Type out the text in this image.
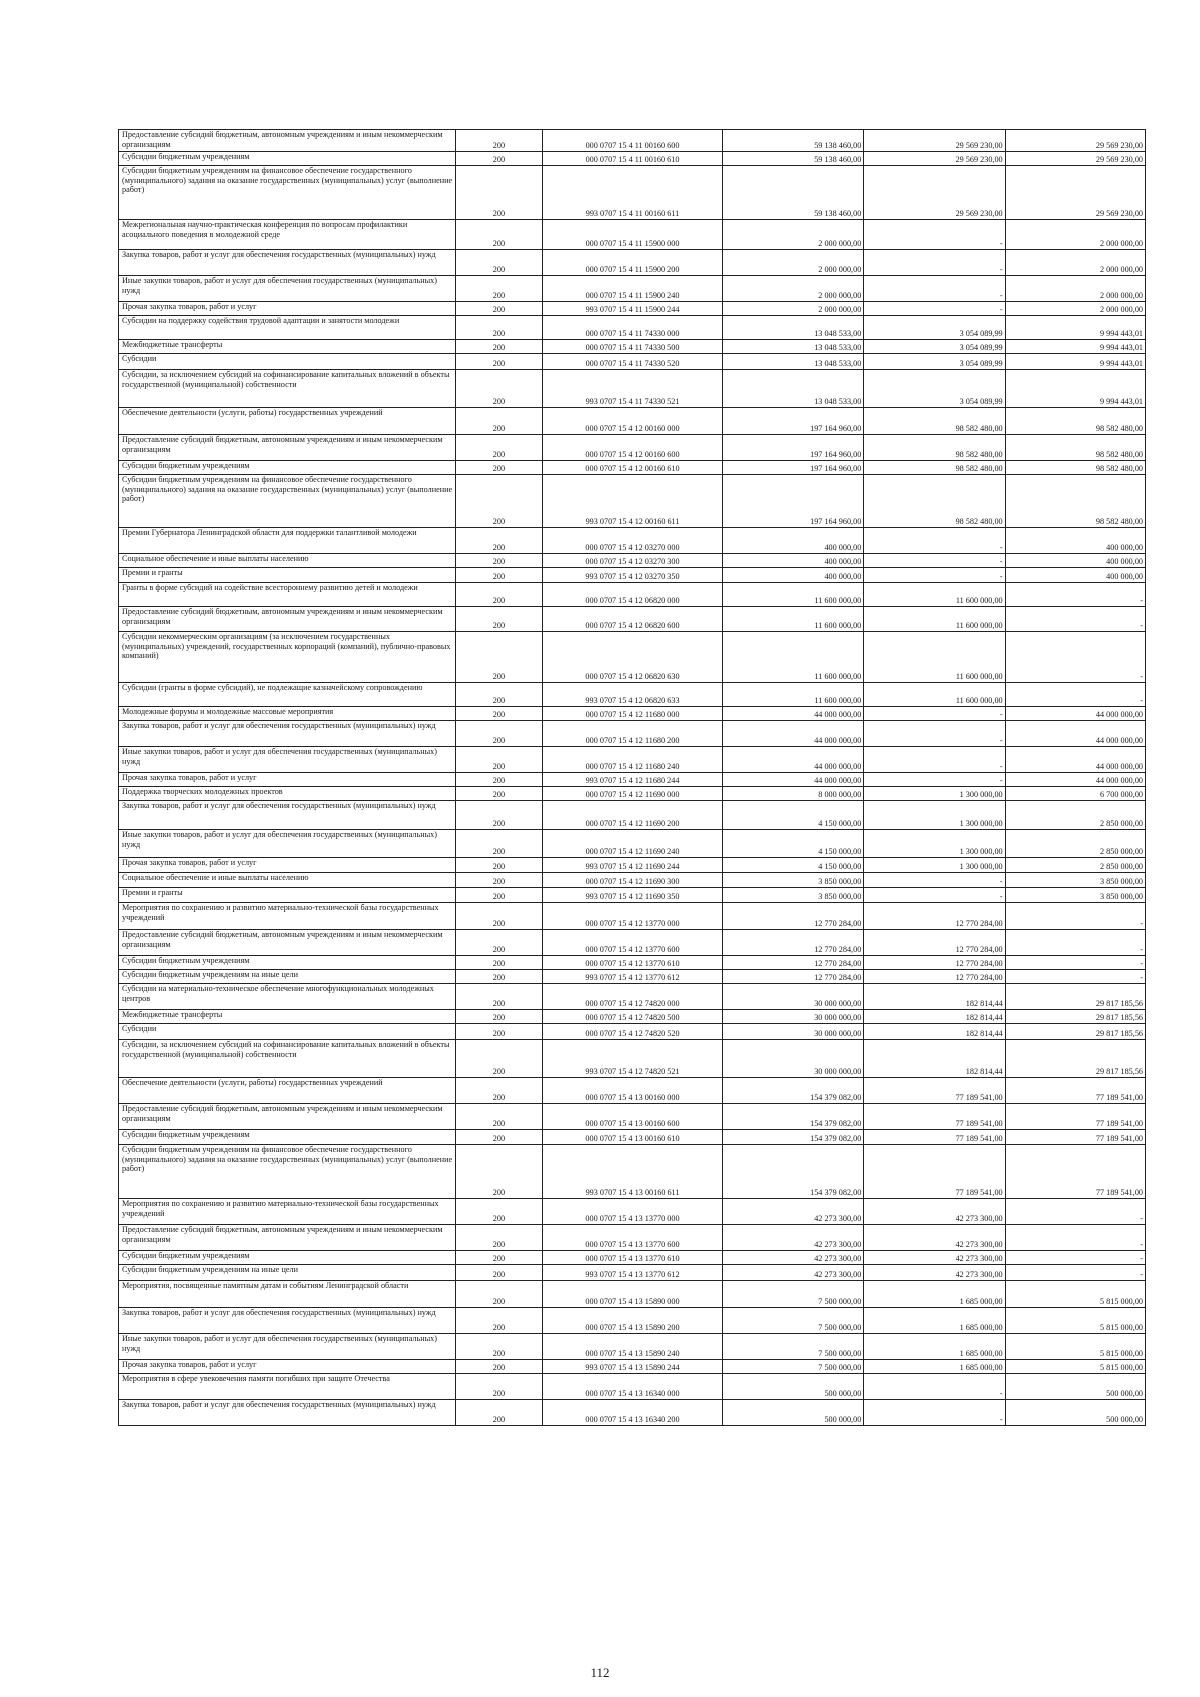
Предоставление субсидий бюджетным, автономным учреждениям и иным некоммерческим организациям	200	000 0707 15 4 11 00160 600	59 138 460,00	29 569 230,00	29 569 230,00
Субсидии бюджетным учреждениям	200	000 0707 15 4 11 00160 610	59 138 460,00	29 569 230,00	29 569 230,00
Субсидии бюджетным учреждениям на финансовое обеспечение государственного (муниципального) задания на оказание государственных (муниципальных) услуг (выполнение работ)	200	993 0707 15 4 11 00160 611	59 138 460,00	29 569 230,00	29 569 230,00
Межрегиональная научно-практическая конференция по вопросам профилактики асоциального поведения в молодежной среде	200	000 0707 15 4 11 15900 000	2 000 000,00	-	2 000 000,00
Закупка товаров, работ и услуг для обеспечения государственных (муниципальных) нужд	200	000 0707 15 4 11 15900 200	2 000 000,00	-	2 000 000,00
Иные закупки товаров, работ и услуг для обеспечения государственных (муниципальных) нужд	200	000 0707 15 4 11 15900 240	2 000 000,00	-	2 000 000,00
Прочая закупка товаров, работ и услуг	200	993 0707 15 4 11 15900 244	2 000 000,00	-	2 000 000,00
Субсидии на поддержку содействия трудовой адаптации и занятости молодежи	200	000 0707 15 4 11 74330 000	13 048 533,00	3 054 089,99	9 994 443,01
Межбюджетные трансферты	200	000 0707 15 4 11 74330 500	13 048 533,00	3 054 089,99	9 994 443,01
Субсидии	200	000 0707 15 4 11 74330 520	13 048 533,00	3 054 089,99	9 994 443,01
Субсидии, за исключением субсидий на софинансирование капитальных вложений в объекты государственной (муниципальной) собственности	200	993 0707 15 4 11 74330 521	13 048 533,00	3 054 089,99	9 994 443,01
Обеспечение деятельности (услуги, работы) государственных учреждений	200	000 0707 15 4 12 00160 000	197 164 960,00	98 582 480,00	98 582 480,00
Предоставление субсидий бюджетным, автономным учреждениям и иным некоммерческим организациям	200	000 0707 15 4 12 00160 600	197 164 960,00	98 582 480,00	98 582 480,00
Субсидии бюджетным учреждениям	200	000 0707 15 4 12 00160 610	197 164 960,00	98 582 480,00	98 582 480,00
Субсидии бюджетным учреждениям на финансовое обеспечение государственного (муниципального) задания на оказание государственных (муниципальных) услуг (выполнение работ)	200	993 0707 15 4 12 00160 611	197 164 960,00	98 582 480,00	98 582 480,00
Премии Губернатора Ленинградской области для поддержки талантливой молодежи	200	000 0707 15 4 12 03270 000	400 000,00	-	400 000,00
Социальное обеспечение и иные выплаты населению	200	000 0707 15 4 12 03270 300	400 000,00	-	400 000,00
Премии и гранты	200	993 0707 15 4 12 03270 350	400 000,00	-	400 000,00
Гранты в форме субсидий на содействие всестороннему развитию детей и молодежи	200	000 0707 15 4 12 06820 000	11 600 000,00	11 600 000,00	-
Предоставление субсидий бюджетным, автономным учреждениям и иным некоммерческим организациям	200	000 0707 15 4 12 06820 600	11 600 000,00	11 600 000,00	-
Субсидии некоммерческим организациям (за исключением государственных (муниципальных) учреждений, государственных корпораций (компаний), публично-правовых компаний)	200	000 0707 15 4 12 06820 630	11 600 000,00	11 600 000,00	-
Субсидии (гранты в форме субсидий), не подлежащие казначейскому сопровождению	200	993 0707 15 4 12 06820 633	11 600 000,00	11 600 000,00	-
Молодежные форумы и молодежные массовые мероприятия	200	000 0707 15 4 12 11680 000	44 000 000,00	-	44 000 000,00
Закупка товаров, работ и услуг для обеспечения государственных (муниципальных) нужд	200	000 0707 15 4 12 11680 200	44 000 000,00	-	44 000 000,00
Иные закупки товаров, работ и услуг для обеспечения государственных (муниципальных) нужд	200	000 0707 15 4 12 11680 240	44 000 000,00	-	44 000 000,00
Прочая закупка товаров, работ и услуг	200	993 0707 15 4 12 11680 244	44 000 000,00	-	44 000 000,00
Поддержка творческих молодежных проектов	200	000 0707 15 4 12 11690 000	8 000 000,00	1 300 000,00	6 700 000,00
Закупка товаров, работ и услуг для обеспечения государственных (муниципальных) нужд	200	000 0707 15 4 12 11690 200	4 150 000,00	1 300 000,00	2 850 000,00
Иные закупки товаров, работ и услуг для обеспечения государственных (муниципальных) нужд	200	000 0707 15 4 12 11690 240	4 150 000,00	1 300 000,00	2 850 000,00
Прочая закупка товаров, работ и услуг	200	993 0707 15 4 12 11690 244	4 150 000,00	1 300 000,00	2 850 000,00
Социальное обеспечение и иные выплаты населению	200	000 0707 15 4 12 11690 300	3 850 000,00	-	3 850 000,00
Премии и гранты	200	993 0707 15 4 12 11690 350	3 850 000,00	-	3 850 000,00
Мероприятия по сохранению и развитию материально-технической базы государственных учреждений	200	000 0707 15 4 12 13770 000	12 770 284,00	12 770 284,00	-
Предоставление субсидий бюджетным, автономным учреждениям и иным некоммерческим организациям	200	000 0707 15 4 12 13770 600	12 770 284,00	12 770 284,00	-
Субсидии бюджетным учреждениям	200	000 0707 15 4 12 13770 610	12 770 284,00	12 770 284,00	-
Субсидии бюджетным учреждениям на иные цели	200	993 0707 15 4 12 13770 612	12 770 284,00	12 770 284,00	-
Субсидии на материально-техническое обеспечение многофункциональных молодежных центров	200	000 0707 15 4 12 74820 000	30 000 000,00	182 814,44	29 817 185,56
Межбюджетные трансферты	200	000 0707 15 4 12 74820 500	30 000 000,00	182 814,44	29 817 185,56
Субсидии	200	000 0707 15 4 12 74820 520	30 000 000,00	182 814,44	29 817 185,56
Субсидии, за исключением субсидий на софинансирование капитальных вложений в объекты государственной (муниципальной) собственности	200	993 0707 15 4 12 74820 521	30 000 000,00	182 814,44	29 817 185,56
Обеспечение деятельности (услуги, работы) государственных учреждений	200	000 0707 15 4 13 00160 000	154 379 082,00	77 189 541,00	77 189 541,00
Предоставление субсидий бюджетным, автономным учреждениям и иным некоммерческим организациям	200	000 0707 15 4 13 00160 600	154 379 082,00	77 189 541,00	77 189 541,00
Субсидии бюджетным учреждениям	200	000 0707 15 4 13 00160 610	154 379 082,00	77 189 541,00	77 189 541,00
Субсидии бюджетным учреждениям на финансовое обеспечение государственного (муниципального) задания на оказание государственных (муниципальных) услуг (выполнение работ)	200	993 0707 15 4 13 00160 611	154 379 082,00	77 189 541,00	77 189 541,00
Мероприятия по сохранению и развитию материально-технической базы государственных учреждений	200	000 0707 15 4 13 13770 000	42 273 300,00	42 273 300,00	-
Предоставление субсидий бюджетным, автономным учреждениям и иным некоммерческим организациям	200	000 0707 15 4 13 13770 600	42 273 300,00	42 273 300,00	-
Субсидии бюджетным учреждениям	200	000 0707 15 4 13 13770 610	42 273 300,00	42 273 300,00	-
Субсидии бюджетным учреждениям на иные цели	200	993 0707 15 4 13 13770 612	42 273 300,00	42 273 300,00	-
Мероприятия, посвященные памятным датам и событиям Ленинградской области	200	000 0707 15 4 13 15890 000	7 500 000,00	1 685 000,00	5 815 000,00
Закупка товаров, работ и услуг для обеспечения государственных (муниципальных) нужд	200	000 0707 15 4 13 15890 200	7 500 000,00	1 685 000,00	5 815 000,00
Иные закупки товаров, работ и услуг для обеспечения государственных (муниципальных) нужд	200	000 0707 15 4 13 15890 240	7 500 000,00	1 685 000,00	5 815 000,00
Прочая закупка товаров, работ и услуг	200	993 0707 15 4 13 15890 244	7 500 000,00	1 685 000,00	5 815 000,00
Мероприятия в сфере увековечения памяти погибших при защите Отечества	200	000 0707 15 4 13 16340 000	500 000,00	-	500 000,00
Закупка товаров, работ и услуг для обеспечения государственных (муниципальных) нужд	200	000 0707 15 4 13 16340 200	500 000,00	-	500 000,00
112
